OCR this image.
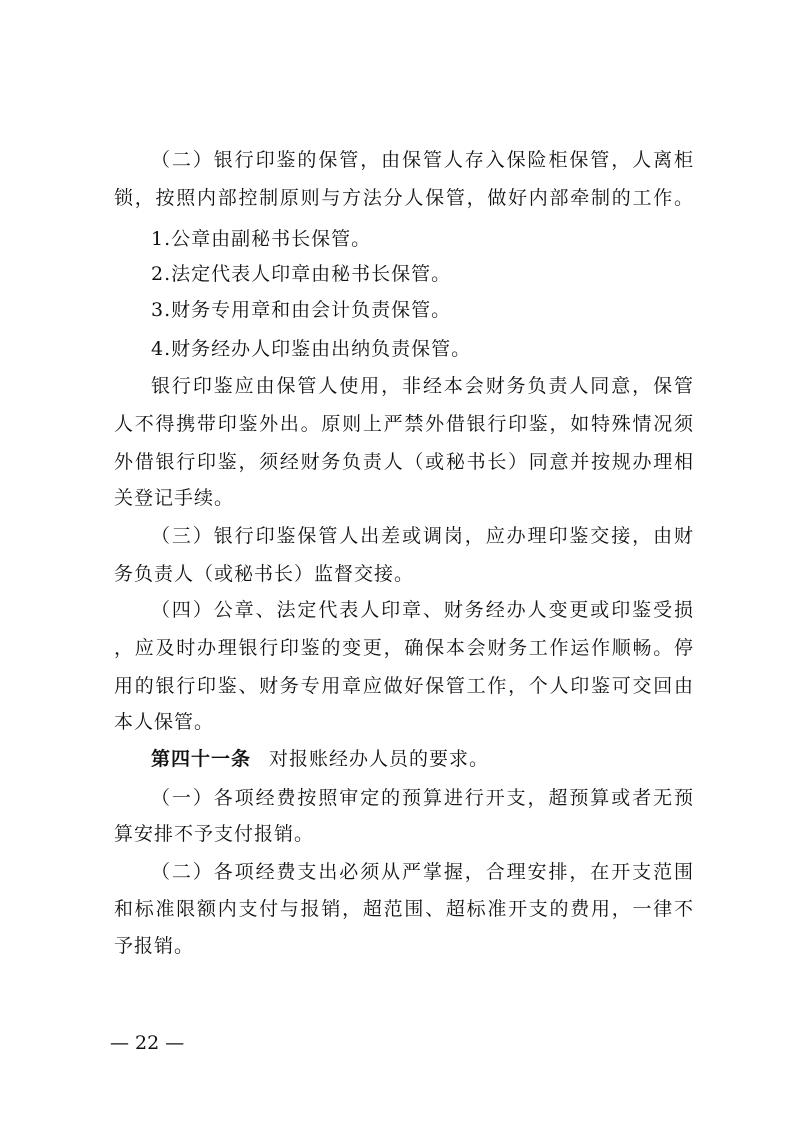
（二）银行印鉴的保管，由保管人存入保险柜保管，人离柜
锁，按照内部控制原则与方法分人保管，做好内部牵制的工作。
1.公章由副秘书长保管。
2.法定代表人印章由秘书长保管。
3.财务专用章和由会计负责保管。
4.财务经办人印鉴由出纳负责保管。
银行印鉴应由保管人使用，非经本会财务负责人同意，保管
人不得携带印鉴外出。原则上严禁外借银行印鉴，如特殊情况须
外借银行印鉴，须经财务负责人（或秘书长）同意并按规办理相
关登记手续。
（三）银行印鉴保管人出差或调岗，应办理印鉴交接，由财
务负责人（或秘书长）监督交接。
（四）公章、法定代表人印章、财务经办人变更或印鉴受损
，应及时办理银行印鉴的变更，确保本会财务工作运作顺畅。停
用的银行印鉴、财务专用章应做好保管工作，个人印鉴可交回由
本人保管。
第四十一条 对报账经办人员的要求。
（一）各项经费按照审定的预算进行开支，超预算或者无预
算安排不予支付报销。
（二）各项经费支出必须从严掌握，合理安排，在开支范围
和标准限额内支付与报销，超范围、超标准开支的费用，一律不
予报销。
— 22 —
